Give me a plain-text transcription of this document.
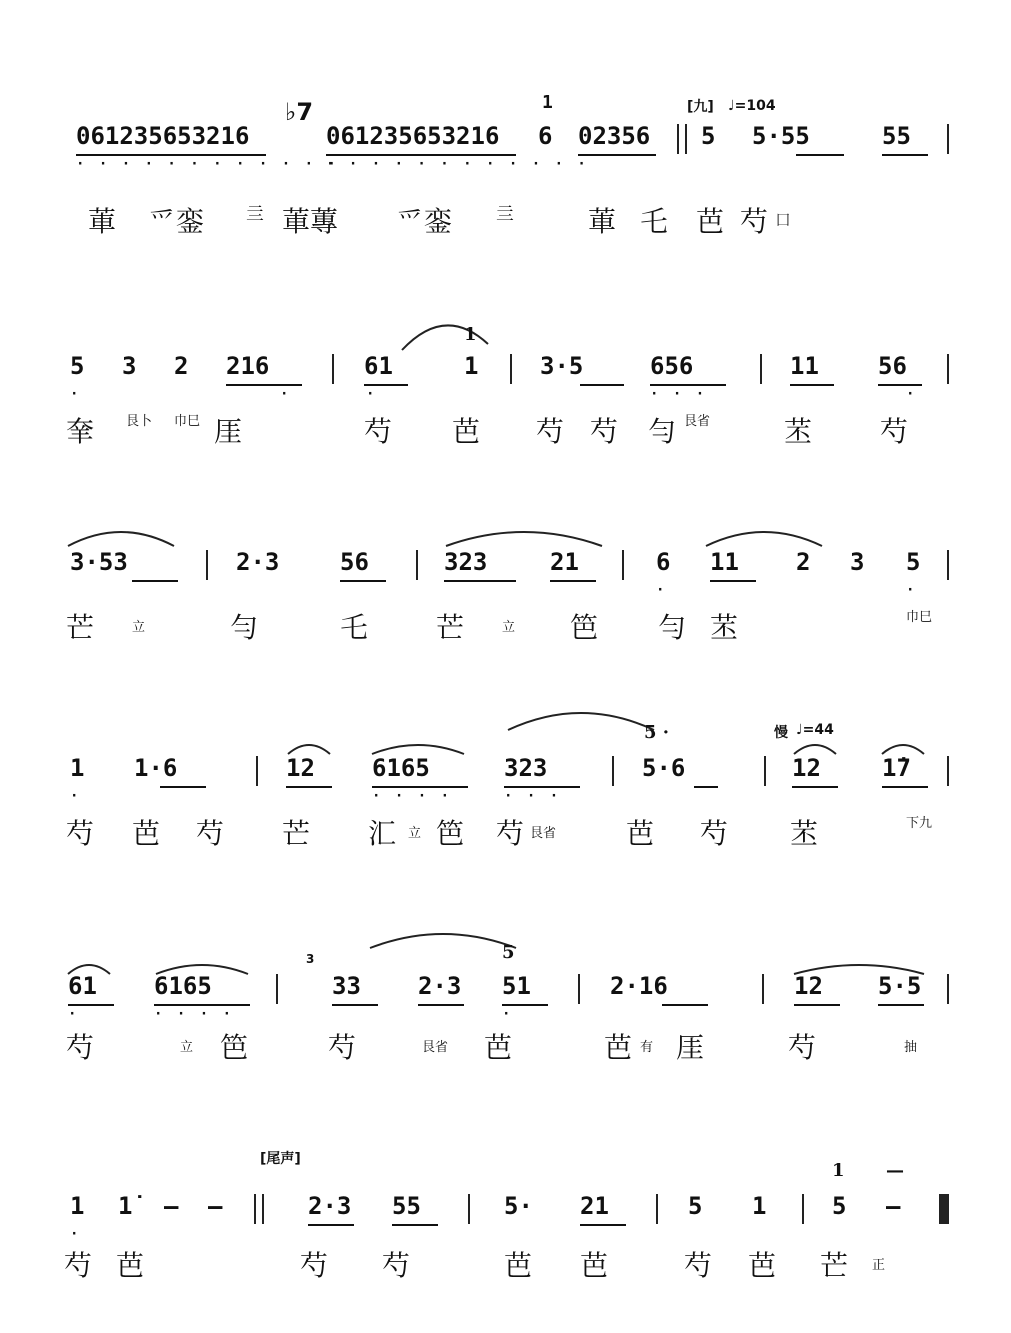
♭7	[九] ♩=104
061235653216	061235653216
1
6 02356 5 5·55	55
· · · · · · · · · · · ·
· · · · · · · · · · · ·
莗 爫銮 亖 莗蓴 爫銮 亖	莗 乇 芭 芍 囗
1
5 3 2 216	61	1	3·5	656	11 56
·	·	·	· · ·	·
羍 艮卜 巾巳 厓	芍 芭 芍 芍 勻 艮省	苤 芍
3·53	2·3	56	323	21	6 11 2 3 5
·	·
芒	立	勻	乇 芒	立 笆 勻 苤	巾巳
慢 ♩=44
5 ·
1 1·6	12 6165	323	5·6	12	1̇7
·	· · · ·	· · ·
芍 芭 芍 芒 汇 立 笆 芍 艮省 芭 芍 苤	下九
5
3
61 6165	33 2·3 51	2·16	12 5·5
·	· · · ·	·
芍	立 笆	芍	艮省 芭	芭 有 厓	芍	抽
[尾声]
1 —
1 1̇ — —	2·3 55	5· 21	5 1	5 —
·
芍 芭	芍 芍	芭 芭	芍 芭 芒 正
